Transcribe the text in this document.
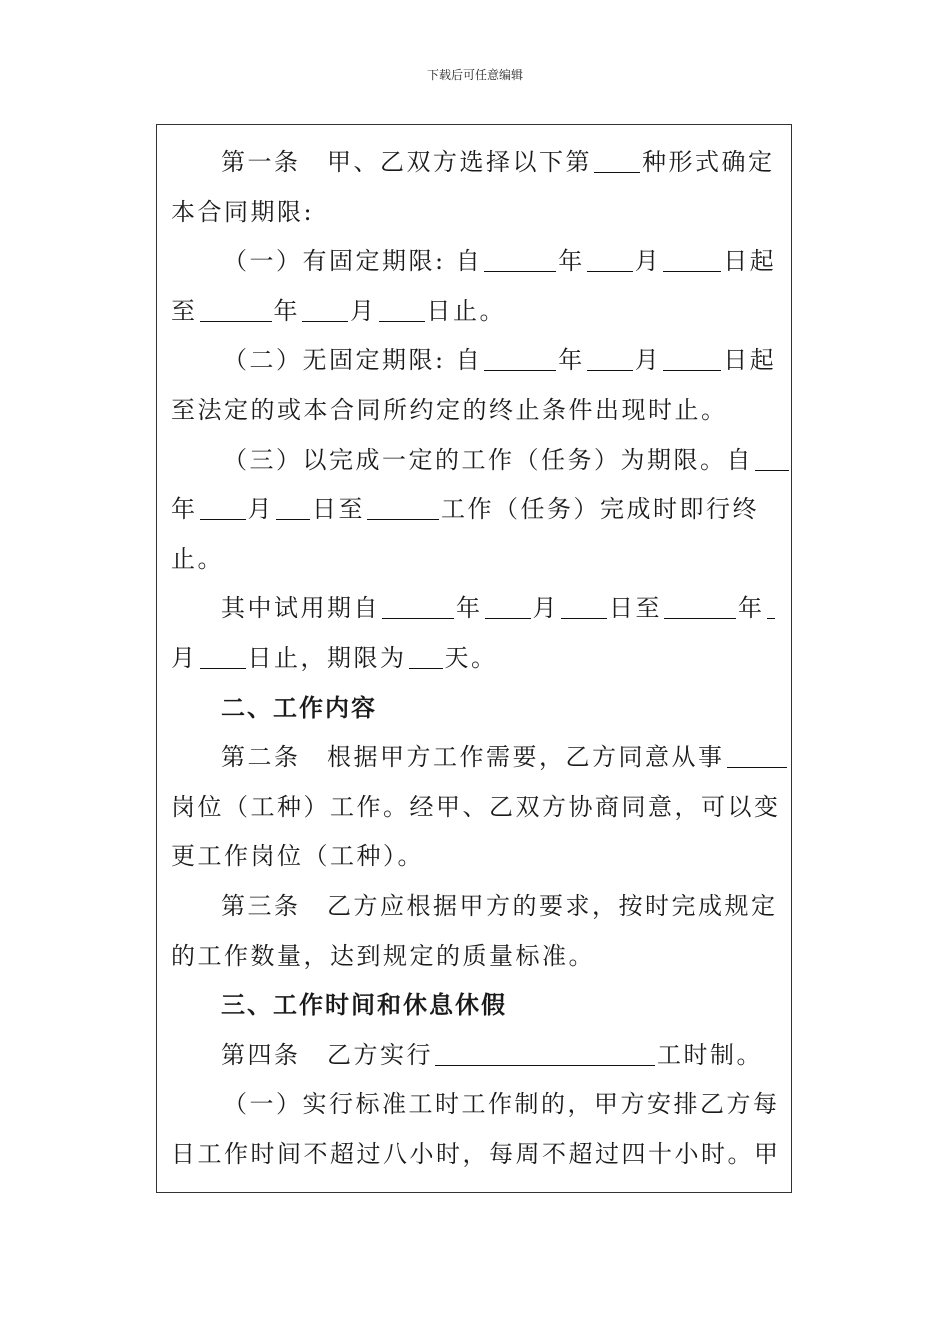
下载后可任意编辑

第一条　甲、乙双方选择以下第 种形式确定

本合同期限:

（一）有固定期限: 自	年 月	日起

至	年 月 日止。

（二）无固定期限: 自	年 月	日起

至法定的或本合同所约定的终止条件出现时止。

（三）以完成一定的工作（任务）为期限。自

年 月 日至	工作（任务）完成时即行终

止。

其中试用期自	年 月 日至	年

月 日止，期限为 天。

二、工作内容

第二条　根据甲方工作需要，乙方同意从事

岗位（工种）工作。经甲、乙双方协商同意，可以变

更工作岗位（工种）。

第三条　乙方应根据甲方的要求，按时完成规定

的工作数量，达到规定的质量标准。

三、工作时间和休息休假

第四条　乙方实行	工时制。

（一）实行标准工时工作制的，甲方安排乙方每

日工作时间不超过八小时，每周不超过四十小时。甲
